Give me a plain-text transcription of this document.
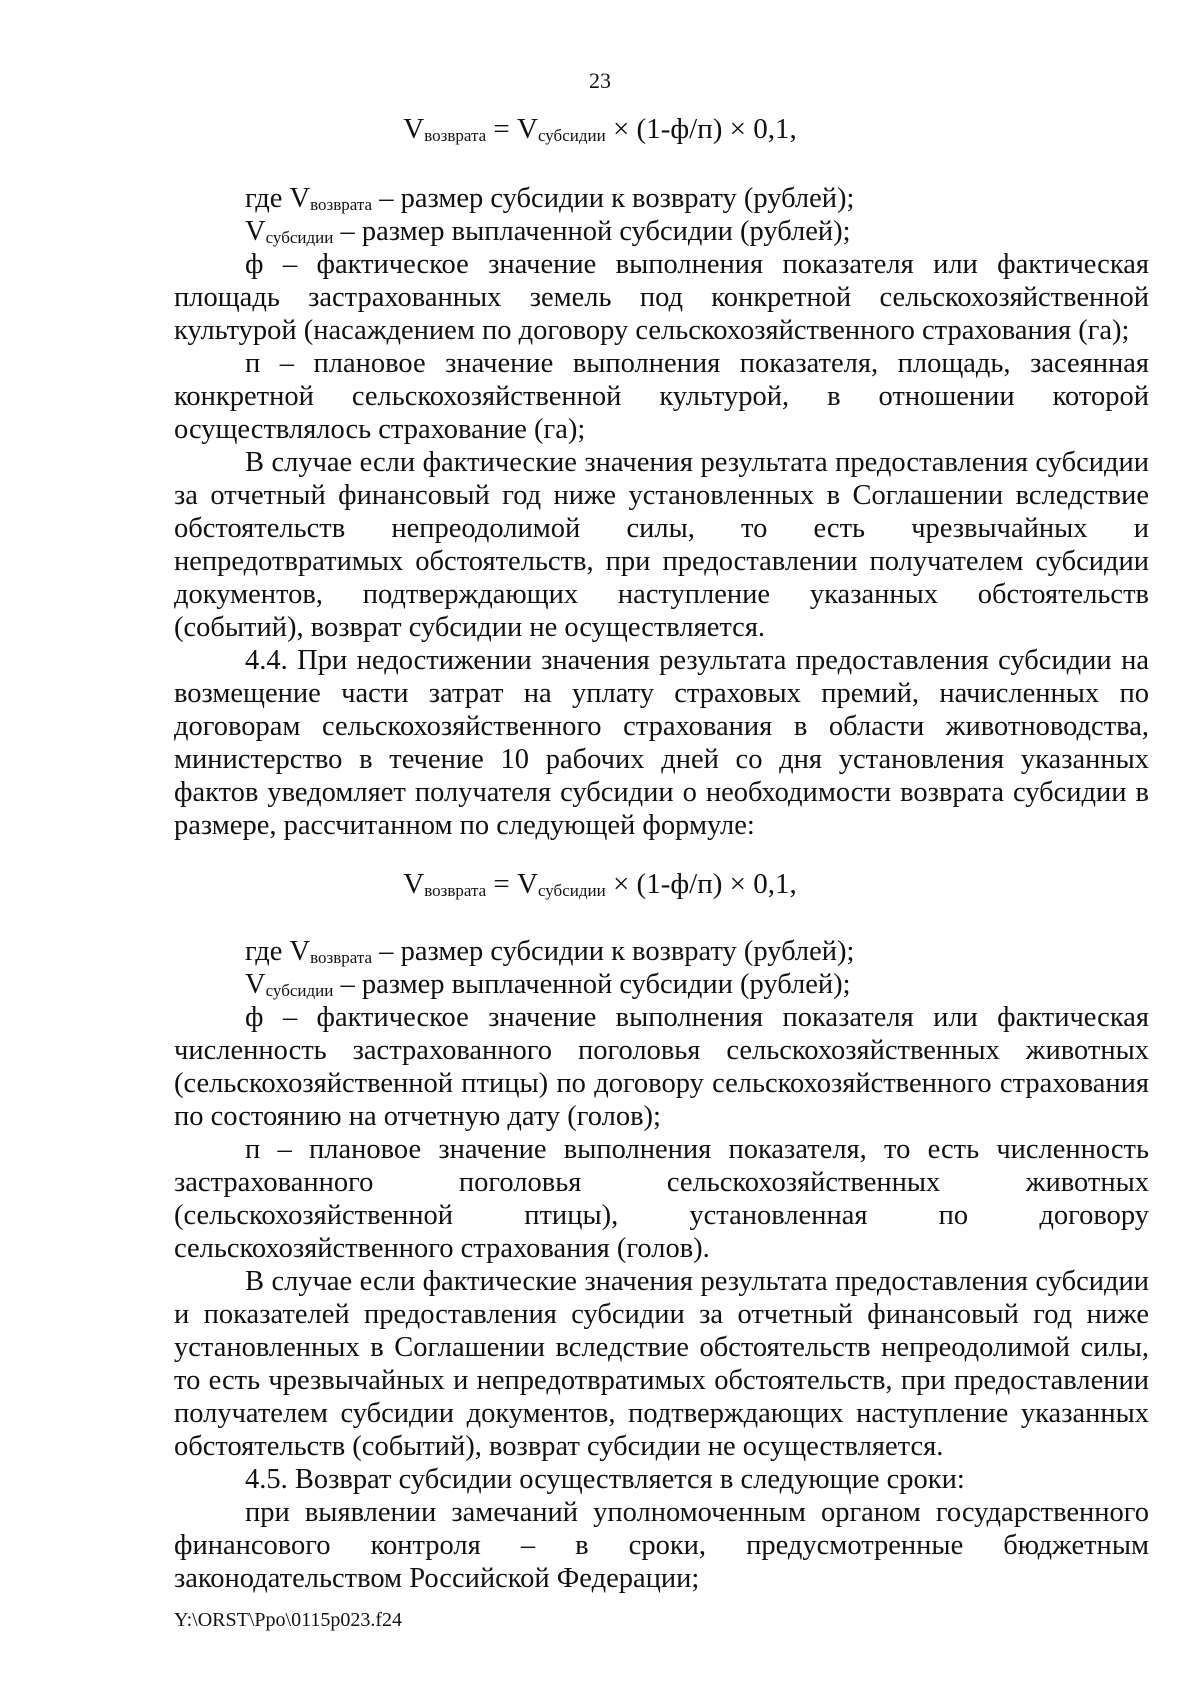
23
$V_{возврата} = V_{субсидии} \times (1-ф/п) \times 0,1$,

где $V_{возврата}$ – размер субсидии к возврату (рублей);

$V_{субсидии}$ – размер выплаченной субсидии (рублей);

ф – фактическое значение выполнения показателя или фактическая площадь застрахованных земель под конкретной сельскохозяйственной культурой (насаждением по договору сельскохозяйственного страхования (га);

п – плановое значение выполнения показателя, площадь, засеянная конкретной сельскохозяйственной культурой, в отношении которой осуществлялось страхование (га);

В случае если фактические значения результата предоставления субсидии за отчетный финансовый год ниже установленных в Соглашении вследствие обстоятельств непреодолимой силы, то есть чрезвычайных и непредотвратимых обстоятельств, при предоставлении получателем субсидии документов, подтверждающих наступление указанных обстоятельств (событий), возврат субсидии не осуществляется.

4.4. При недостижении значения результата предоставления субсидии на возмещение части затрат на уплату страховых премий, начисленных по договорам сельскохозяйственного страхования в области животноводства, министерство в течение 10 рабочих дней со дня установления указанных фактов уведомляет получателя субсидии о необходимости возврата субсидии в размере, рассчитанном по следующей формуле:

$V_{возврата} = V_{субсидии} \times (1-ф/п) \times 0,1$,

где $V_{возврата}$ – размер субсидии к возврату (рублей);

$V_{субсидии}$ – размер выплаченной субсидии (рублей);

ф – фактическое значение выполнения показателя или фактическая численность застрахованного поголовья сельскохозяйственных животных (сельскохозяйственной птицы) по договору сельскохозяйственного страхования по состоянию на отчетную дату (голов);

п – плановое значение выполнения показателя, то есть численность застрахованного поголовья сельскохозяйственных животных (сельскохозяйственной птицы), установленная по договору сельскохозяйственного страхования (голов).

В случае если фактические значения результата предоставления субсидии и показателей предоставления субсидии за отчетный финансовый год ниже установленных в Соглашении вследствие обстоятельств непреодолимой силы, то есть чрезвычайных и непредотвратимых обстоятельств, при предоставлении получателем субсидии документов, подтверждающих наступление указанных обстоятельств (событий), возврат субсидии не осуществляется.

4.5. Возврат субсидии осуществляется в следующие сроки:

при выявлении замечаний уполномоченным органом государственного финансового контроля – в сроки, предусмотренные бюджетным законодательством Российской Федерации;

Y:\ORST\Ppo\0115p023.f24
